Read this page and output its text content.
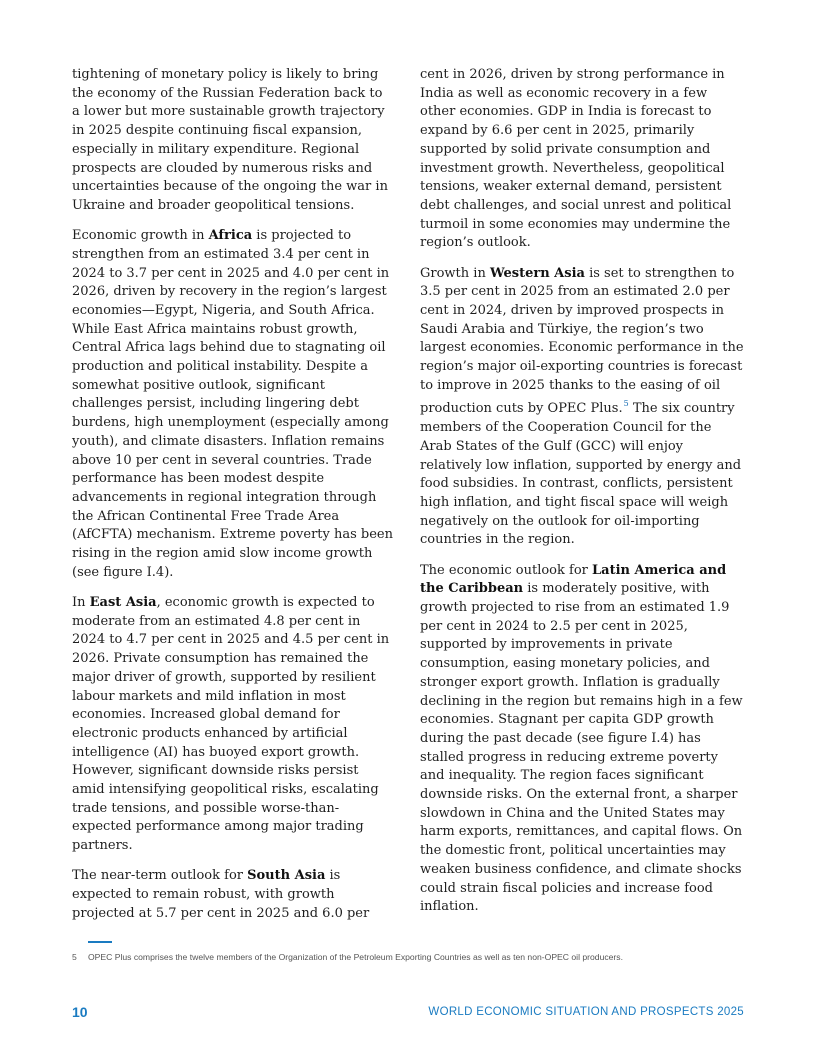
tightening of monetary policy is likely to bring the economy of the Russian Federation back to a lower but more sustainable growth trajectory in 2025 despite continuing fiscal expansion, especially in military expenditure. Regional prospects are clouded by numerous risks and uncertainties because of the ongoing the war in Ukraine and broader geopolitical tensions.

Economic growth in Africa is projected to strengthen from an estimated 3.4 per cent in 2024 to 3.7 per cent in 2025 and 4.0 per cent in 2026, driven by recovery in the region’s largest economies—Egypt, Nigeria, and South Africa. While East Africa maintains robust growth, Central Africa lags behind due to stagnating oil production and political instability. Despite a somewhat positive outlook, significant challenges persist, including lingering debt burdens, high unemployment (especially among youth), and climate disasters. Inflation remains above 10 per cent in several countries. Trade performance has been modest despite advancements in regional integration through the African Continental Free Trade Area (AfCFTA) mechanism. Extreme poverty has been rising in the region amid slow income growth (see figure I.4).

In East Asia, economic growth is expected to moderate from an estimated 4.8 per cent in 2024 to 4.7 per cent in 2025 and 4.5 per cent in 2026. Private consumption has remained the major driver of growth, supported by resilient labour markets and mild inflation in most economies. Increased global demand for electronic products enhanced by artificial intelligence (AI) has buoyed export growth. However, significant downside risks persist amid intensifying geopolitical risks, escalating trade tensions, and possible worse-than-expected performance among major trading partners.

The near-term outlook for South Asia is expected to remain robust, with growth projected at 5.7 per cent in 2025 and 6.0 per

cent in 2026, driven by strong performance in India as well as economic recovery in a few other economies. GDP in India is forecast to expand by 6.6 per cent in 2025, primarily supported by solid private consumption and investment growth. Nevertheless, geopolitical tensions, weaker external demand, persistent debt challenges, and social unrest and political turmoil in some economies may undermine the region’s outlook.

Growth in Western Asia is set to strengthen to 3.5 per cent in 2025 from an estimated 2.0 per cent in 2024, driven by improved prospects in Saudi Arabia and Türkiye, the region’s two largest economies. Economic performance in the region’s major oil-exporting countries is forecast to improve in 2025 thanks to the easing of oil production cuts by OPEC Plus.$^5$ The six country members of the Cooperation Council for the Arab States of the Gulf (GCC) will enjoy relatively low inflation, supported by energy and food subsidies. In contrast, conflicts, persistent high inflation, and tight fiscal space will weigh negatively on the outlook for oil-importing countries in the region.

The economic outlook for Latin America and the Caribbean is moderately positive, with growth projected to rise from an estimated 1.9 per cent in 2024 to 2.5 per cent in 2025, supported by improvements in private consumption, easing monetary policies, and stronger export growth. Inflation is gradually declining in the region but remains high in a few economies. Stagnant per capita GDP growth during the past decade (see figure I.4) has stalled progress in reducing extreme poverty and inequality. The region faces significant downside risks. On the external front, a sharper slowdown in China and the United States may harm exports, remittances, and capital flows. On the domestic front, political uncertainties may weaken business confidence, and climate shocks could strain fiscal policies and increase food inflation.

5 OPEC Plus comprises the twelve members of the Organization of the Petroleum Exporting Countries as well as ten non-OPEC oil producers.
10	WORLD ECONOMIC SITUATION AND PROSPECTS 2025
